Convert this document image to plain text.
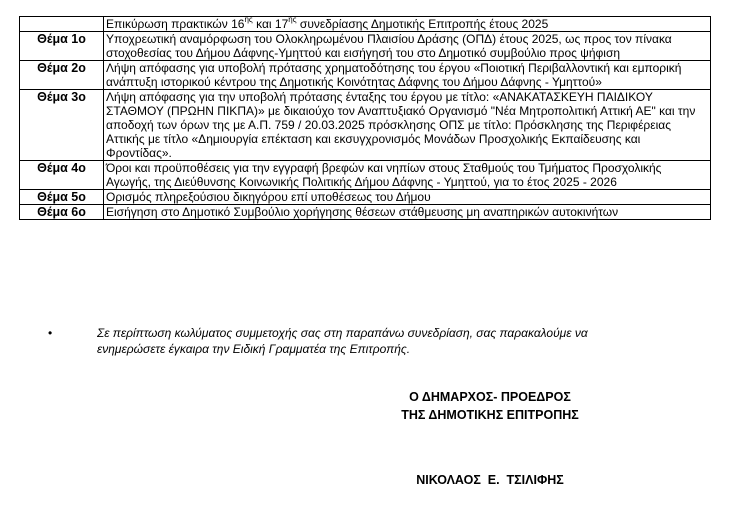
	Επικύρωση πρακτικών $16^{\eta\varsigma}$ και $17^{\eta\varsigma}$ συνεδρίασης Δημοτικής Επιτροπής έτους 2025
Θέμα 1ο	Υποχρεωτική αναμόρφωση του Ολοκληρωμένου Πλαισίου Δράσης (ΟΠΔ) έτους 2025, ως προς τον πίνακα στοχοθεσίας του Δήμου Δάφνης-Υμηττού και εισήγησή του στο Δημοτικό συμβούλιο προς ψήφιση
Θέμα 2ο	Λήψη απόφασης για υποβολή πρότασης χρηματοδότησης του έργου «Ποιοτική Περιβαλλοντική και εμπορική ανάπτυξη ιστορικού κέντρου της Δημοτικής Κοινότητας Δάφνης του Δήμου Δάφνης - Υμηττού»
Θέμα 3ο	Λήψη απόφασης για την υποβολή πρότασης ένταξης του έργου με τίτλο: «ΑΝΑΚΑΤΑΣΚΕΥΗ ΠΑΙΔΙΚΟΥ ΣΤΑΘΜΟΥ (ΠΡΩΗΝ ΠΙΚΠΑ)» με δικαιούχο τον Αναπτυξιακό Οργανισμό "Νέα Μητροπολιτική Αττική ΑΕ" και την αποδοχή των όρων της με Α.Π. 759 / 20.03.2025 πρόσκλησης ΟΠΣ με τίτλο: Πρόσκλησης της Περιφέρειας Αττικής με τίτλο «Δημιουργία επέκταση και εκσυγχρονισμός Μονάδων Προσχολικής Εκπαίδευσης και Φροντίδας».
Θέμα 4ο	Όροι και προϋποθέσεις για την εγγραφή βρεφών και νηπίων στους Σταθμούς του Τμήματος Προσχολικής Αγωγής, της Διεύθυνσης Κοινωνικής Πολιτικής Δήμου Δάφνης - Υμηττού, για το έτος 2025 - 2026
Θέμα 5ο	Ορισμός πληρεξούσιου δικηγόρου επί υποθέσεως του Δήμου
Θέμα 6ο	Εισήγηση στο Δημοτικό Συμβούλιο χορήγησης θέσεων στάθμευσης μη αναπηρικών αυτοκινήτων
•	Σε περίπτωση κωλύματος συμμετοχής σας στη παραπάνω συνεδρίαση, σας παρακαλούμε να
ενημερώσετε έγκαιρα την Ειδική Γραμματέα της Επιτροπής.
Ο ΔΗΜΑΡΧΟΣ- ΠΡΟΕΔΡΟΣ
ΤΗΣ ΔΗΜΟΤΙΚΗΣ ΕΠΙΤΡΟΠΗΣ
ΝΙΚΟΛΑΟΣ  Ε.  ΤΣΙΛΙΦΗΣ
